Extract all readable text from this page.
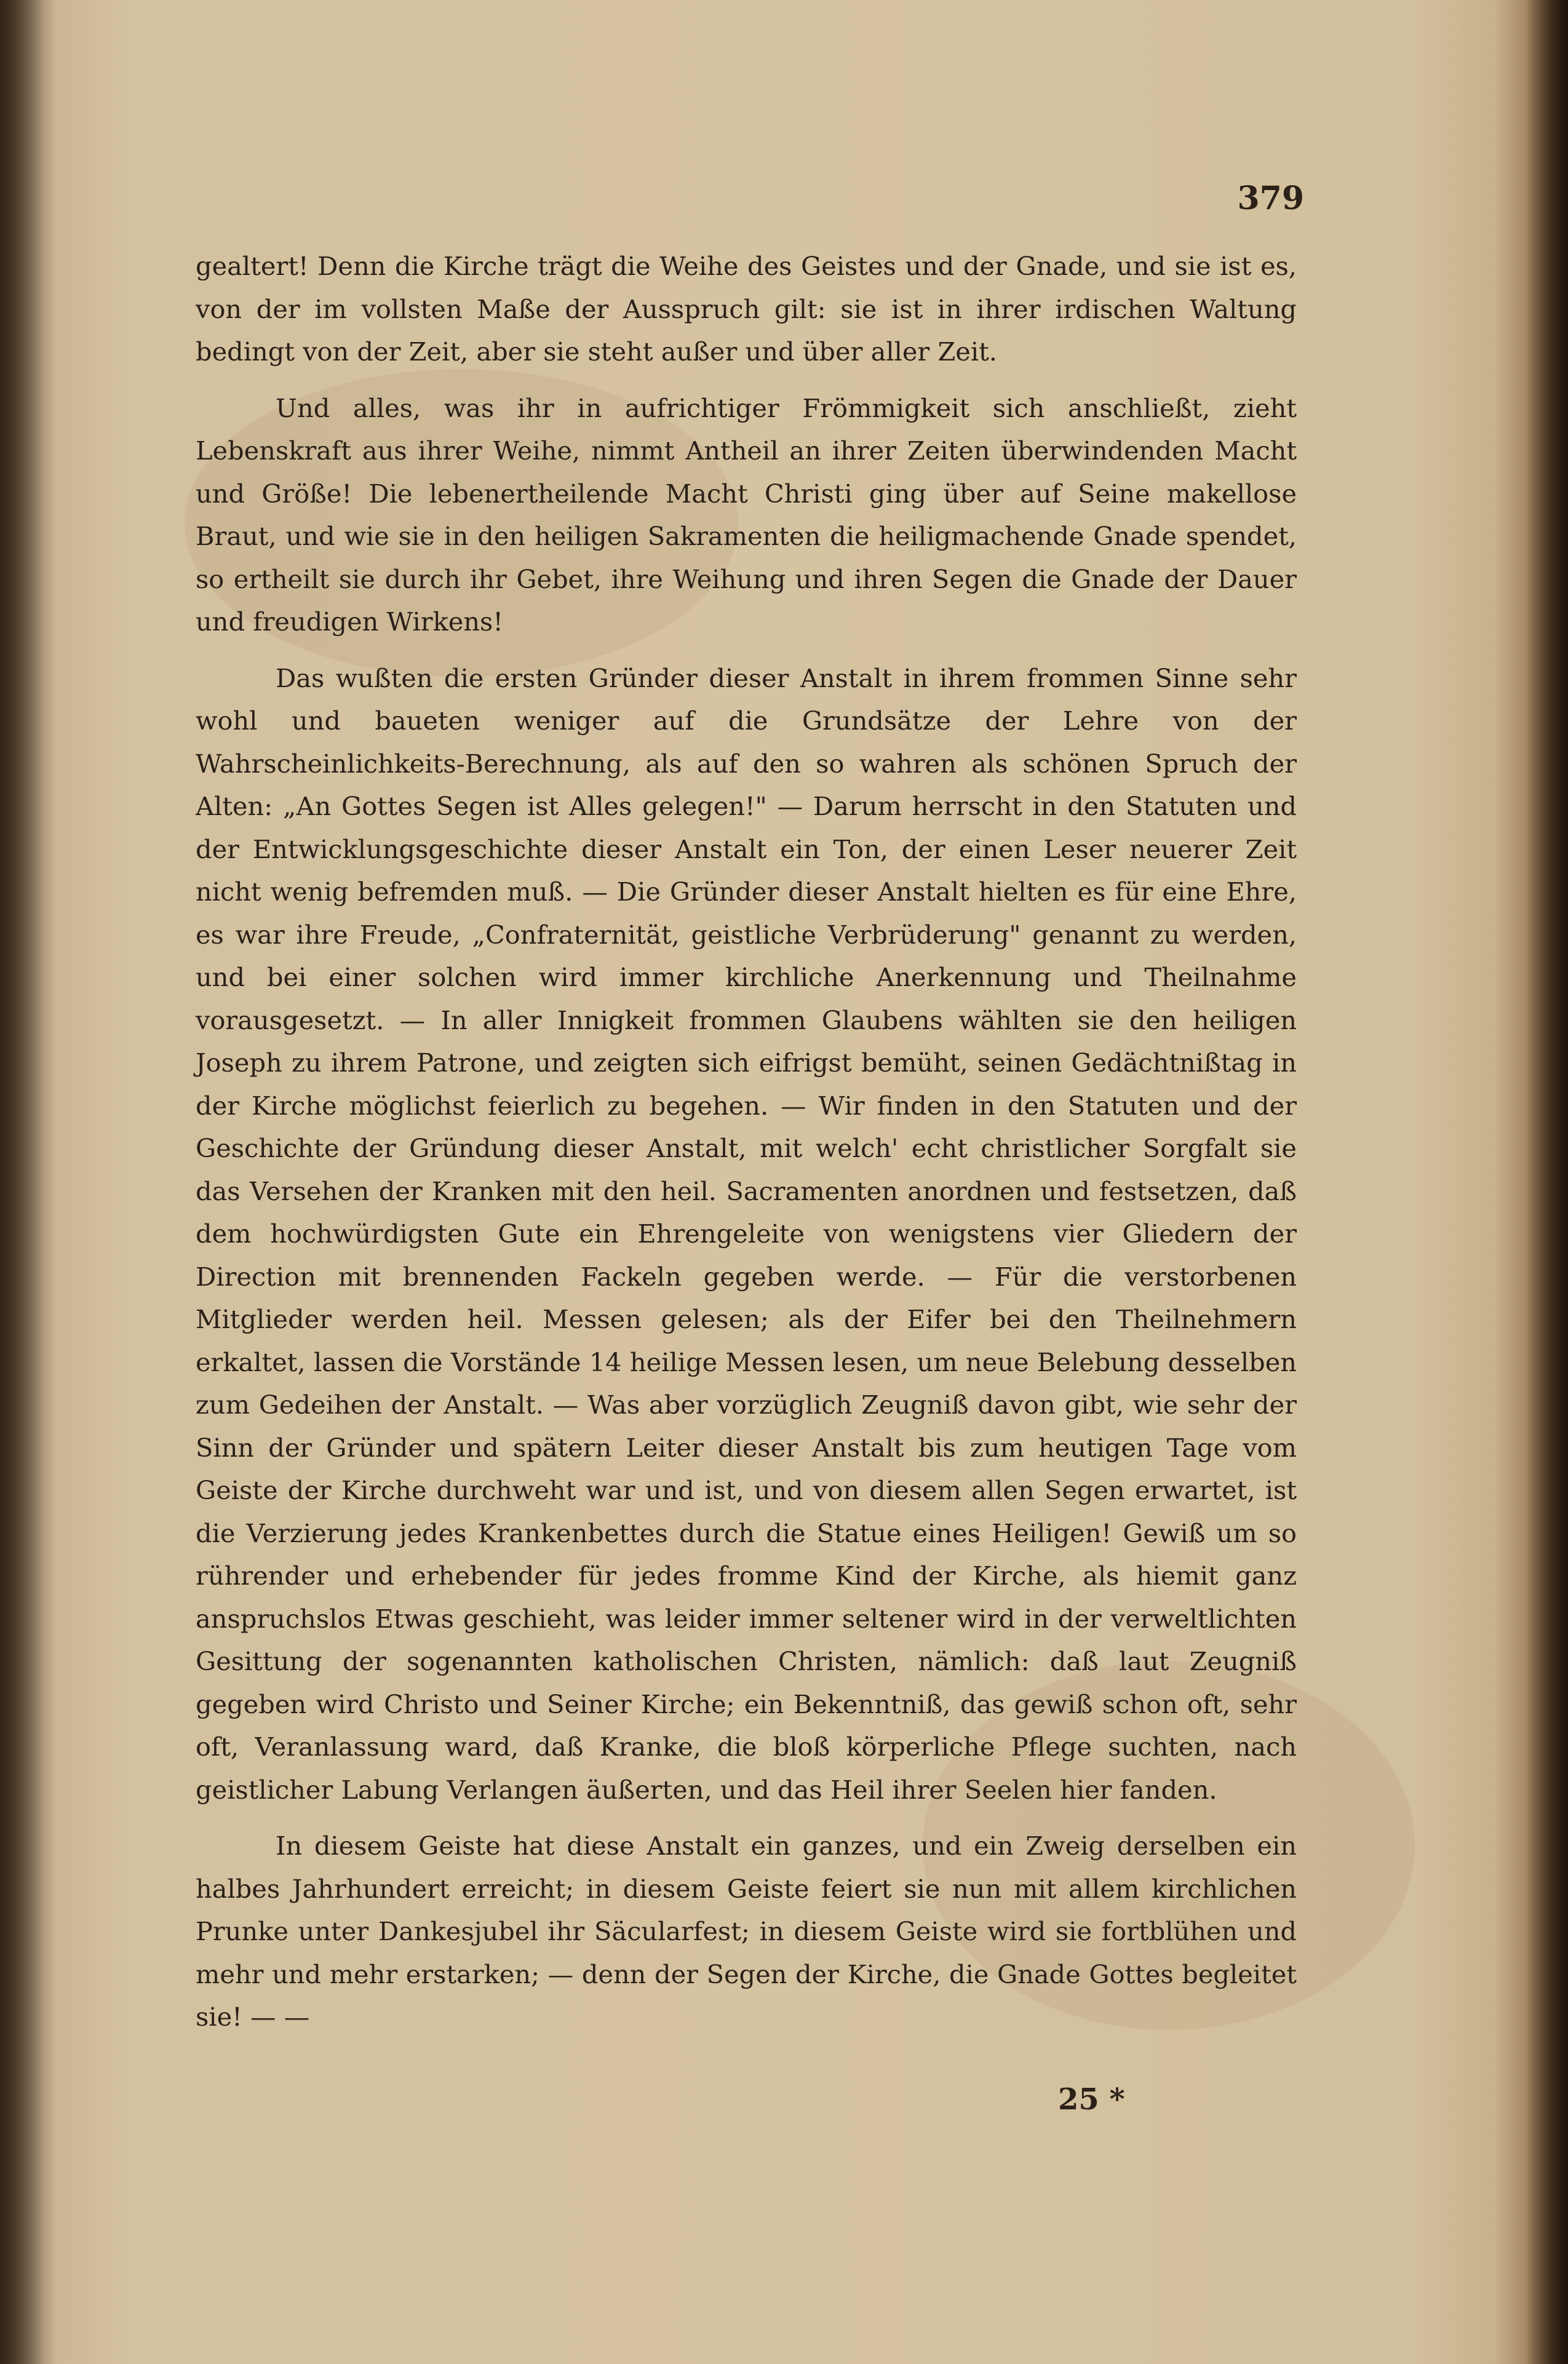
379

gealtert! Denn die Kirche trägt die Weihe des Geistes und der Gnade, und sie ist es, von der im vollsten Maße der Ausspruch gilt: sie ist in ihrer irdischen Waltung bedingt von der Zeit, aber sie steht außer und über aller Zeit.

Und alles, was ihr in aufrichtiger Frömmigkeit sich anschließt, zieht Lebenskraft aus ihrer Weihe, nimmt Antheil an ihrer Zeiten überwindenden Macht und Größe! Die lebenertheilende Macht Christi ging über auf Seine makellose Braut, und wie sie in den heiligen Sakramenten die heiligmachende Gnade spendet, so ertheilt sie durch ihr Gebet, ihre Weihung und ihren Segen die Gnade der Dauer und freudigen Wirkens!

Das wußten die ersten Gründer dieser Anstalt in ihrem frommen Sinne sehr wohl und baueten weniger auf die Grundsätze der Lehre von der Wahrscheinlichkeits-Berechnung, als auf den so wahren als schönen Spruch der Alten: „An Gottes Segen ist Alles gelegen!" — Darum herrscht in den Statuten und der Entwicklungsgeschichte dieser Anstalt ein Ton, der einen Leser neuerer Zeit nicht wenig befremden muß. — Die Gründer dieser Anstalt hielten es für eine Ehre, es war ihre Freude, „Confraternität, geistliche Verbrüderung" genannt zu werden, und bei einer solchen wird immer kirchliche Anerkennung und Theilnahme vorausgesetzt. — In aller Innigkeit frommen Glaubens wählten sie den heiligen Joseph zu ihrem Patrone, und zeigten sich eifrigst bemüht, seinen Gedächtnißtag in der Kirche möglichst feierlich zu begehen. — Wir finden in den Statuten und der Geschichte der Gründung dieser Anstalt, mit welch' echt christlicher Sorgfalt sie das Versehen der Kranken mit den heil. Sacramenten anordnen und festsetzen, daß dem hochwürdigsten Gute ein Ehrengeleite von wenigstens vier Gliedern der Direction mit brennenden Fackeln gegeben werde. — Für die verstorbenen Mitglieder werden heil. Messen gelesen; als der Eifer bei den Theilnehmern erkaltet, lassen die Vorstände 14 heilige Messen lesen, um neue Belebung desselben zum Gedeihen der Anstalt. — Was aber vorzüglich Zeugniß davon gibt, wie sehr der Sinn der Gründer und spätern Leiter dieser Anstalt bis zum heutigen Tage vom Geiste der Kirche durchweht war und ist, und von diesem allen Segen erwartet, ist die Verzierung jedes Krankenbettes durch die Statue eines Heiligen! Gewiß um so rührender und erhebender für jedes fromme Kind der Kirche, als hiemit ganz anspruchslos Etwas geschieht, was leider immer seltener wird in der verweltlichten Gesittung der sogenannten katholischen Christen, nämlich: daß laut Zeugniß gegeben wird Christo und Seiner Kirche; ein Bekenntniß, das gewiß schon oft, sehr oft, Veranlassung ward, daß Kranke, die bloß körperliche Pflege suchten, nach geistlicher Labung Verlangen äußerten, und das Heil ihrer Seelen hier fanden.

In diesem Geiste hat diese Anstalt ein ganzes, und ein Zweig derselben ein halbes Jahrhundert erreicht; in diesem Geiste feiert sie nun mit allem kirchlichen Prunke unter Dankesjubel ihr Säcularfest; in diesem Geiste wird sie fortblühen und mehr und mehr erstarken; — denn der Segen der Kirche, die Gnade Gottes begleitet sie! — —

25 *
